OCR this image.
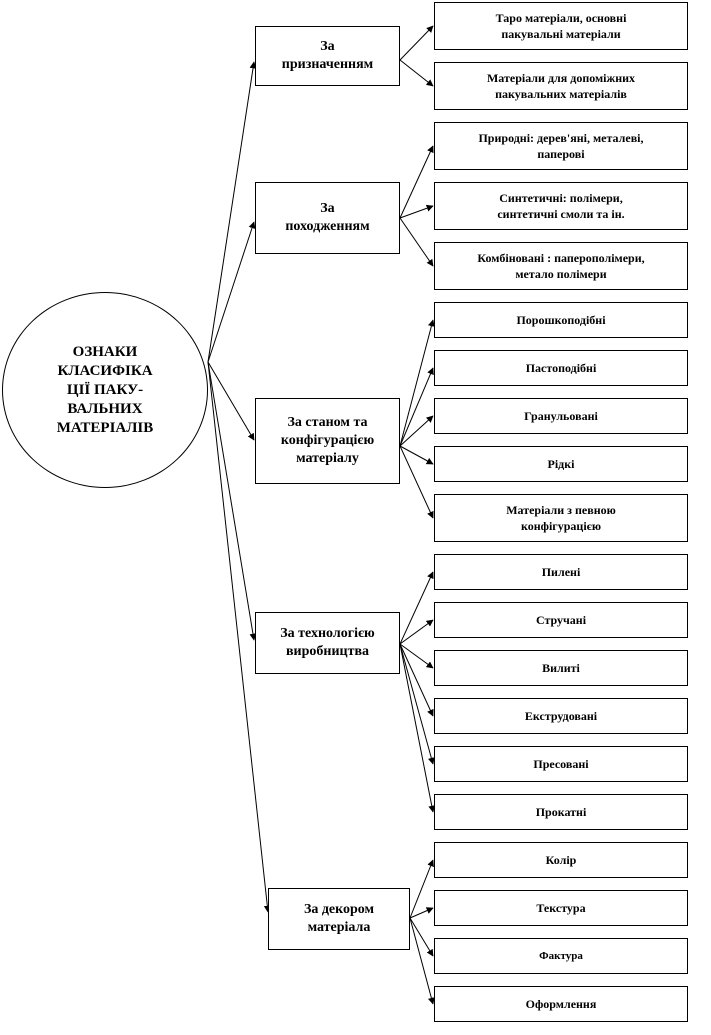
ОЗНАКИ
КЛАСИФІКА
ЦІЇ ПАКУ-
ВАЛЬНИХ
МАТЕРІАЛІВ
За
призначенням
Таро матеріали, основні
пакувальні матеріали
Матеріали для допоміжних
пакувальних матеріалів
За
походженням
Природні: дерев'яні, металеві,
паперові
Синтетичні: полімери,
синтетичні смоли та ін.
Комбіновані : паперополімери,
метало полімери
За станом та
конфігурацією
матеріалу
Порошкоподібні
Пастоподібні
Гранульовані
Рідкі
Матеріали з певною
конфігурацією
За технологією
виробництва
Пилені
Стручані
Вилиті
Екструдовані
Пресовані
Прокатні
За декором
матеріала
Колір
Текстура
Фактура
Оформлення
